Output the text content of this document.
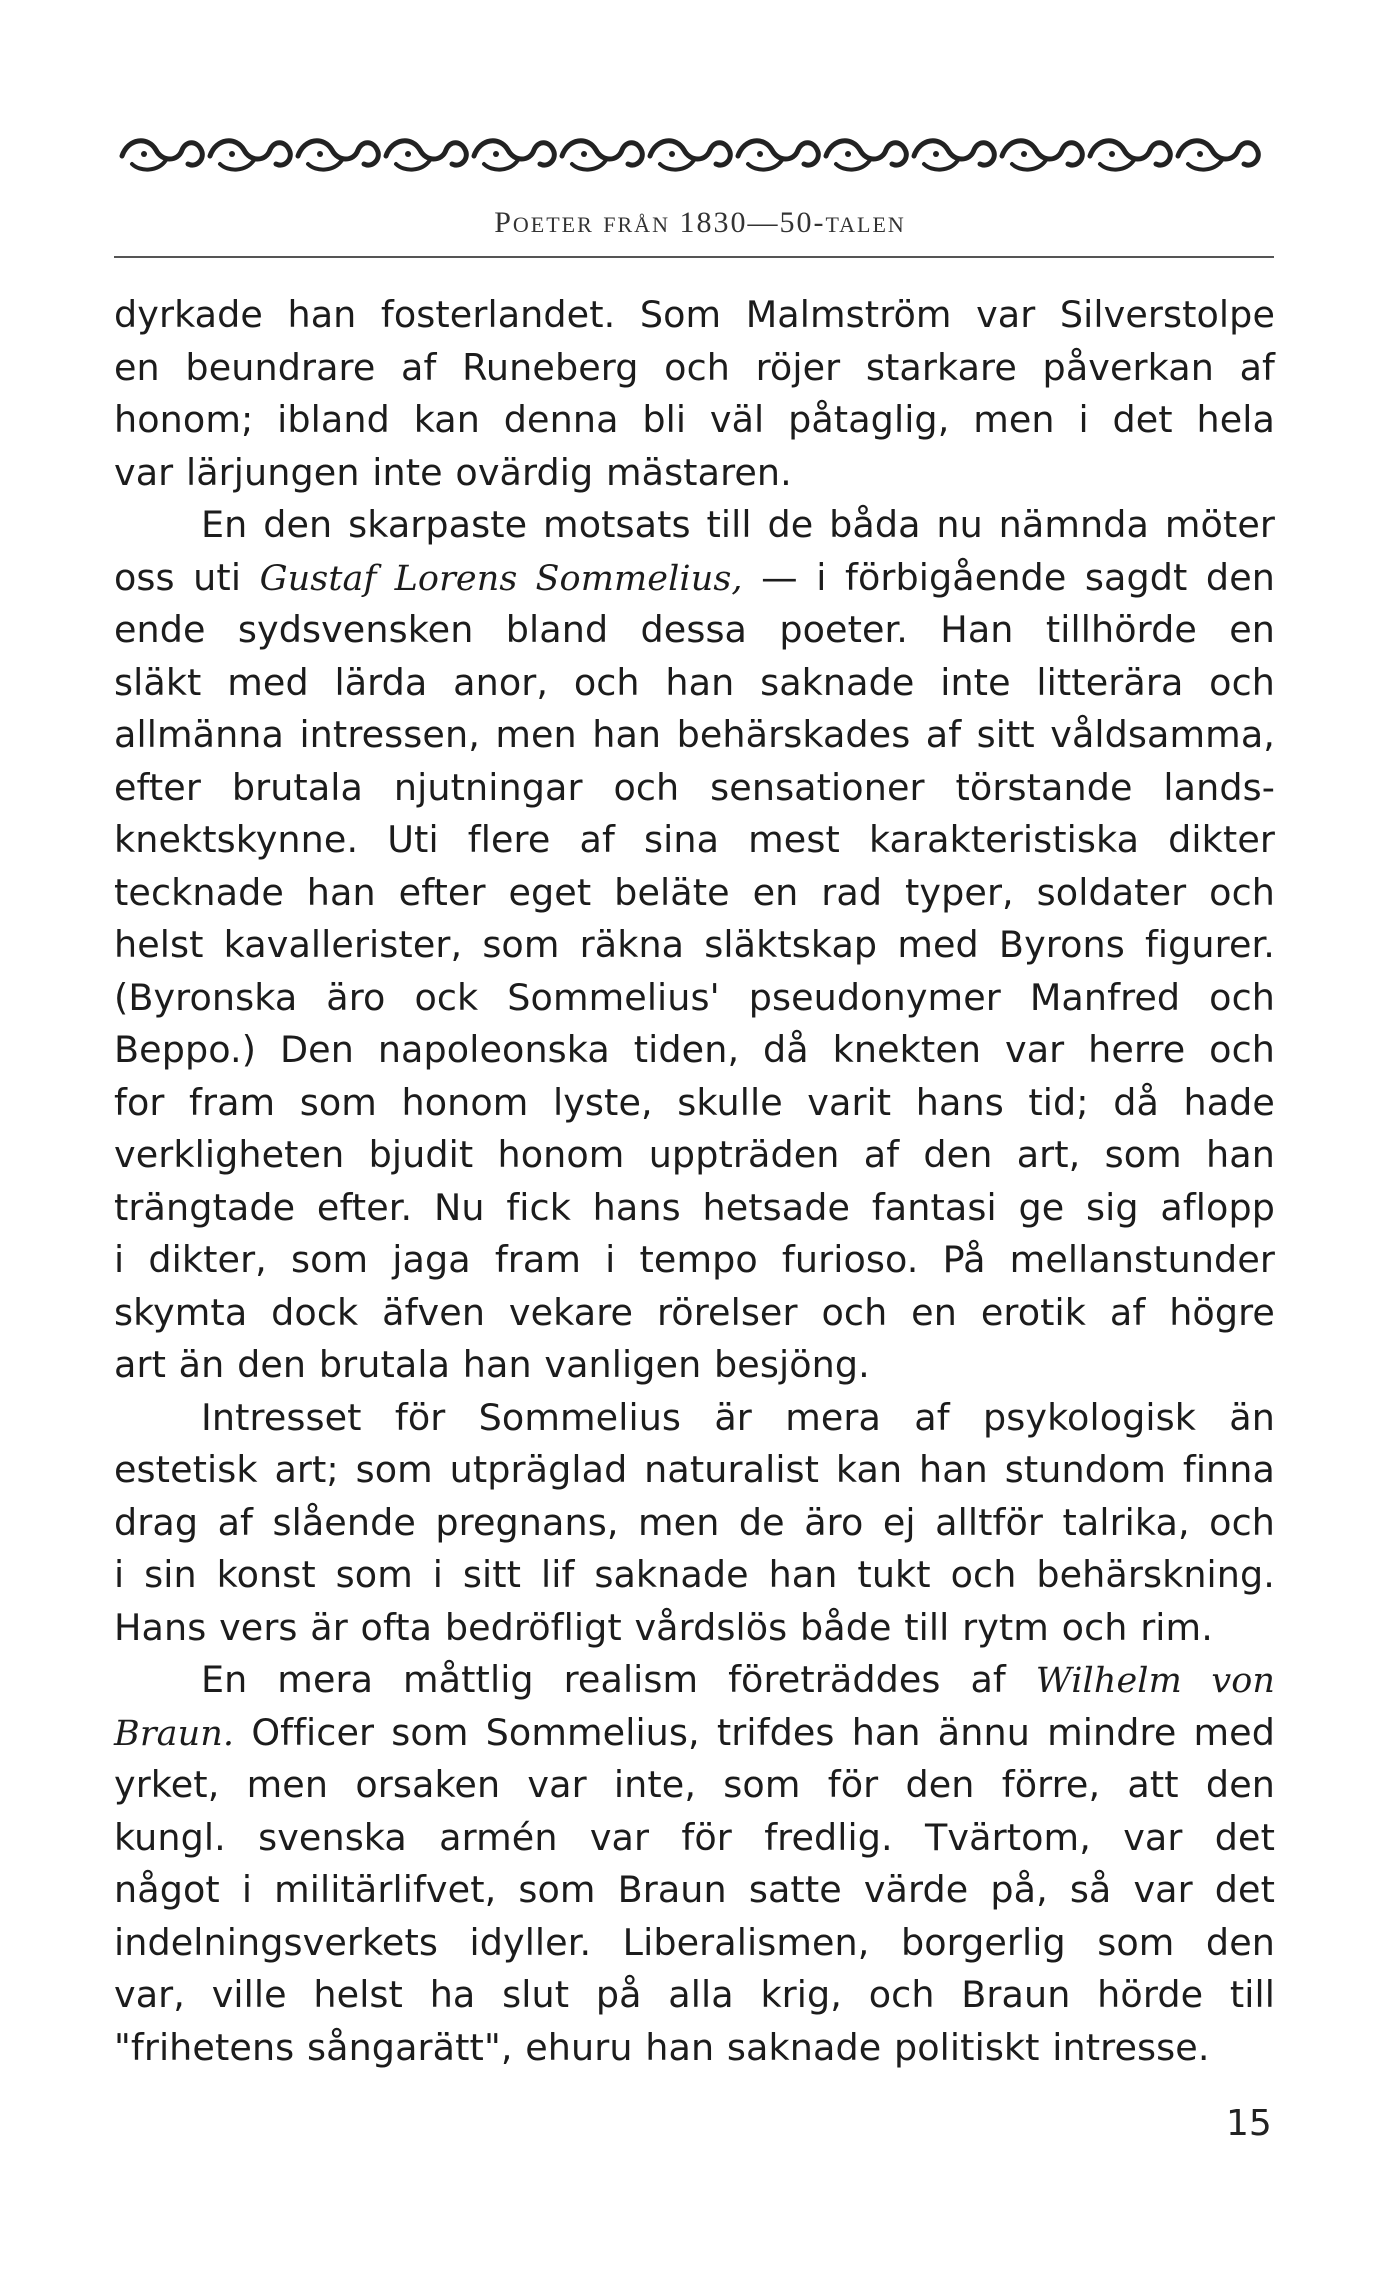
POETER FRÅN 1830—50-TALEN
dyrkade han fosterlandet. Som Malmström var Silverstolpe
en beundrare af Runeberg och röjer starkare påverkan af
honom; ibland kan denna bli väl påtaglig, men i det hela
var lärjungen inte ovärdig mästaren.
En den skarpaste motsats till de båda nu nämnda möter
oss uti Gustaf Lorens Sommelius, — i förbigående sagdt den
ende sydsvensken bland dessa poeter. Han tillhörde en
släkt med lärda anor, och han saknade inte litterära och
allmänna intressen, men han behärskades af sitt våldsamma,
efter brutala njutningar och sensationer törstande lands-
knektskynne. Uti flere af sina mest karakteristiska dikter
tecknade han efter eget beläte en rad typer, soldater och
helst kavallerister, som räkna släktskap med Byrons figurer.
(Byronska äro ock Sommelius' pseudonymer Manfred och
Beppo.) Den napoleonska tiden, då knekten var herre och
for fram som honom lyste, skulle varit hans tid; då hade
verkligheten bjudit honom uppträden af den art, som han
trängtade efter. Nu fick hans hetsade fantasi ge sig aflopp
i dikter, som jaga fram i tempo furioso. På mellanstunder
skymta dock äfven vekare rörelser och en erotik af högre
art än den brutala han vanligen besjöng.
Intresset för Sommelius är mera af psykologisk än
estetisk art; som utpräglad naturalist kan han stundom finna
drag af slående pregnans, men de äro ej alltför talrika, och
i sin konst som i sitt lif saknade han tukt och behärskning.
Hans vers är ofta bedröfligt vårdslös både till rytm och rim.
En mera måttlig realism företräddes af Wilhelm von
Braun. Officer som Sommelius, trifdes han ännu mindre med
yrket, men orsaken var inte, som för den förre, att den
kungl. svenska armén var för fredlig. Tvärtom, var det
något i militärlifvet, som Braun satte värde på, så var det
indelningsverkets idyller. Liberalismen, borgerlig som den
var, ville helst ha slut på alla krig, och Braun hörde till
"frihetens sångarätt", ehuru han saknade politiskt intresse.
15
